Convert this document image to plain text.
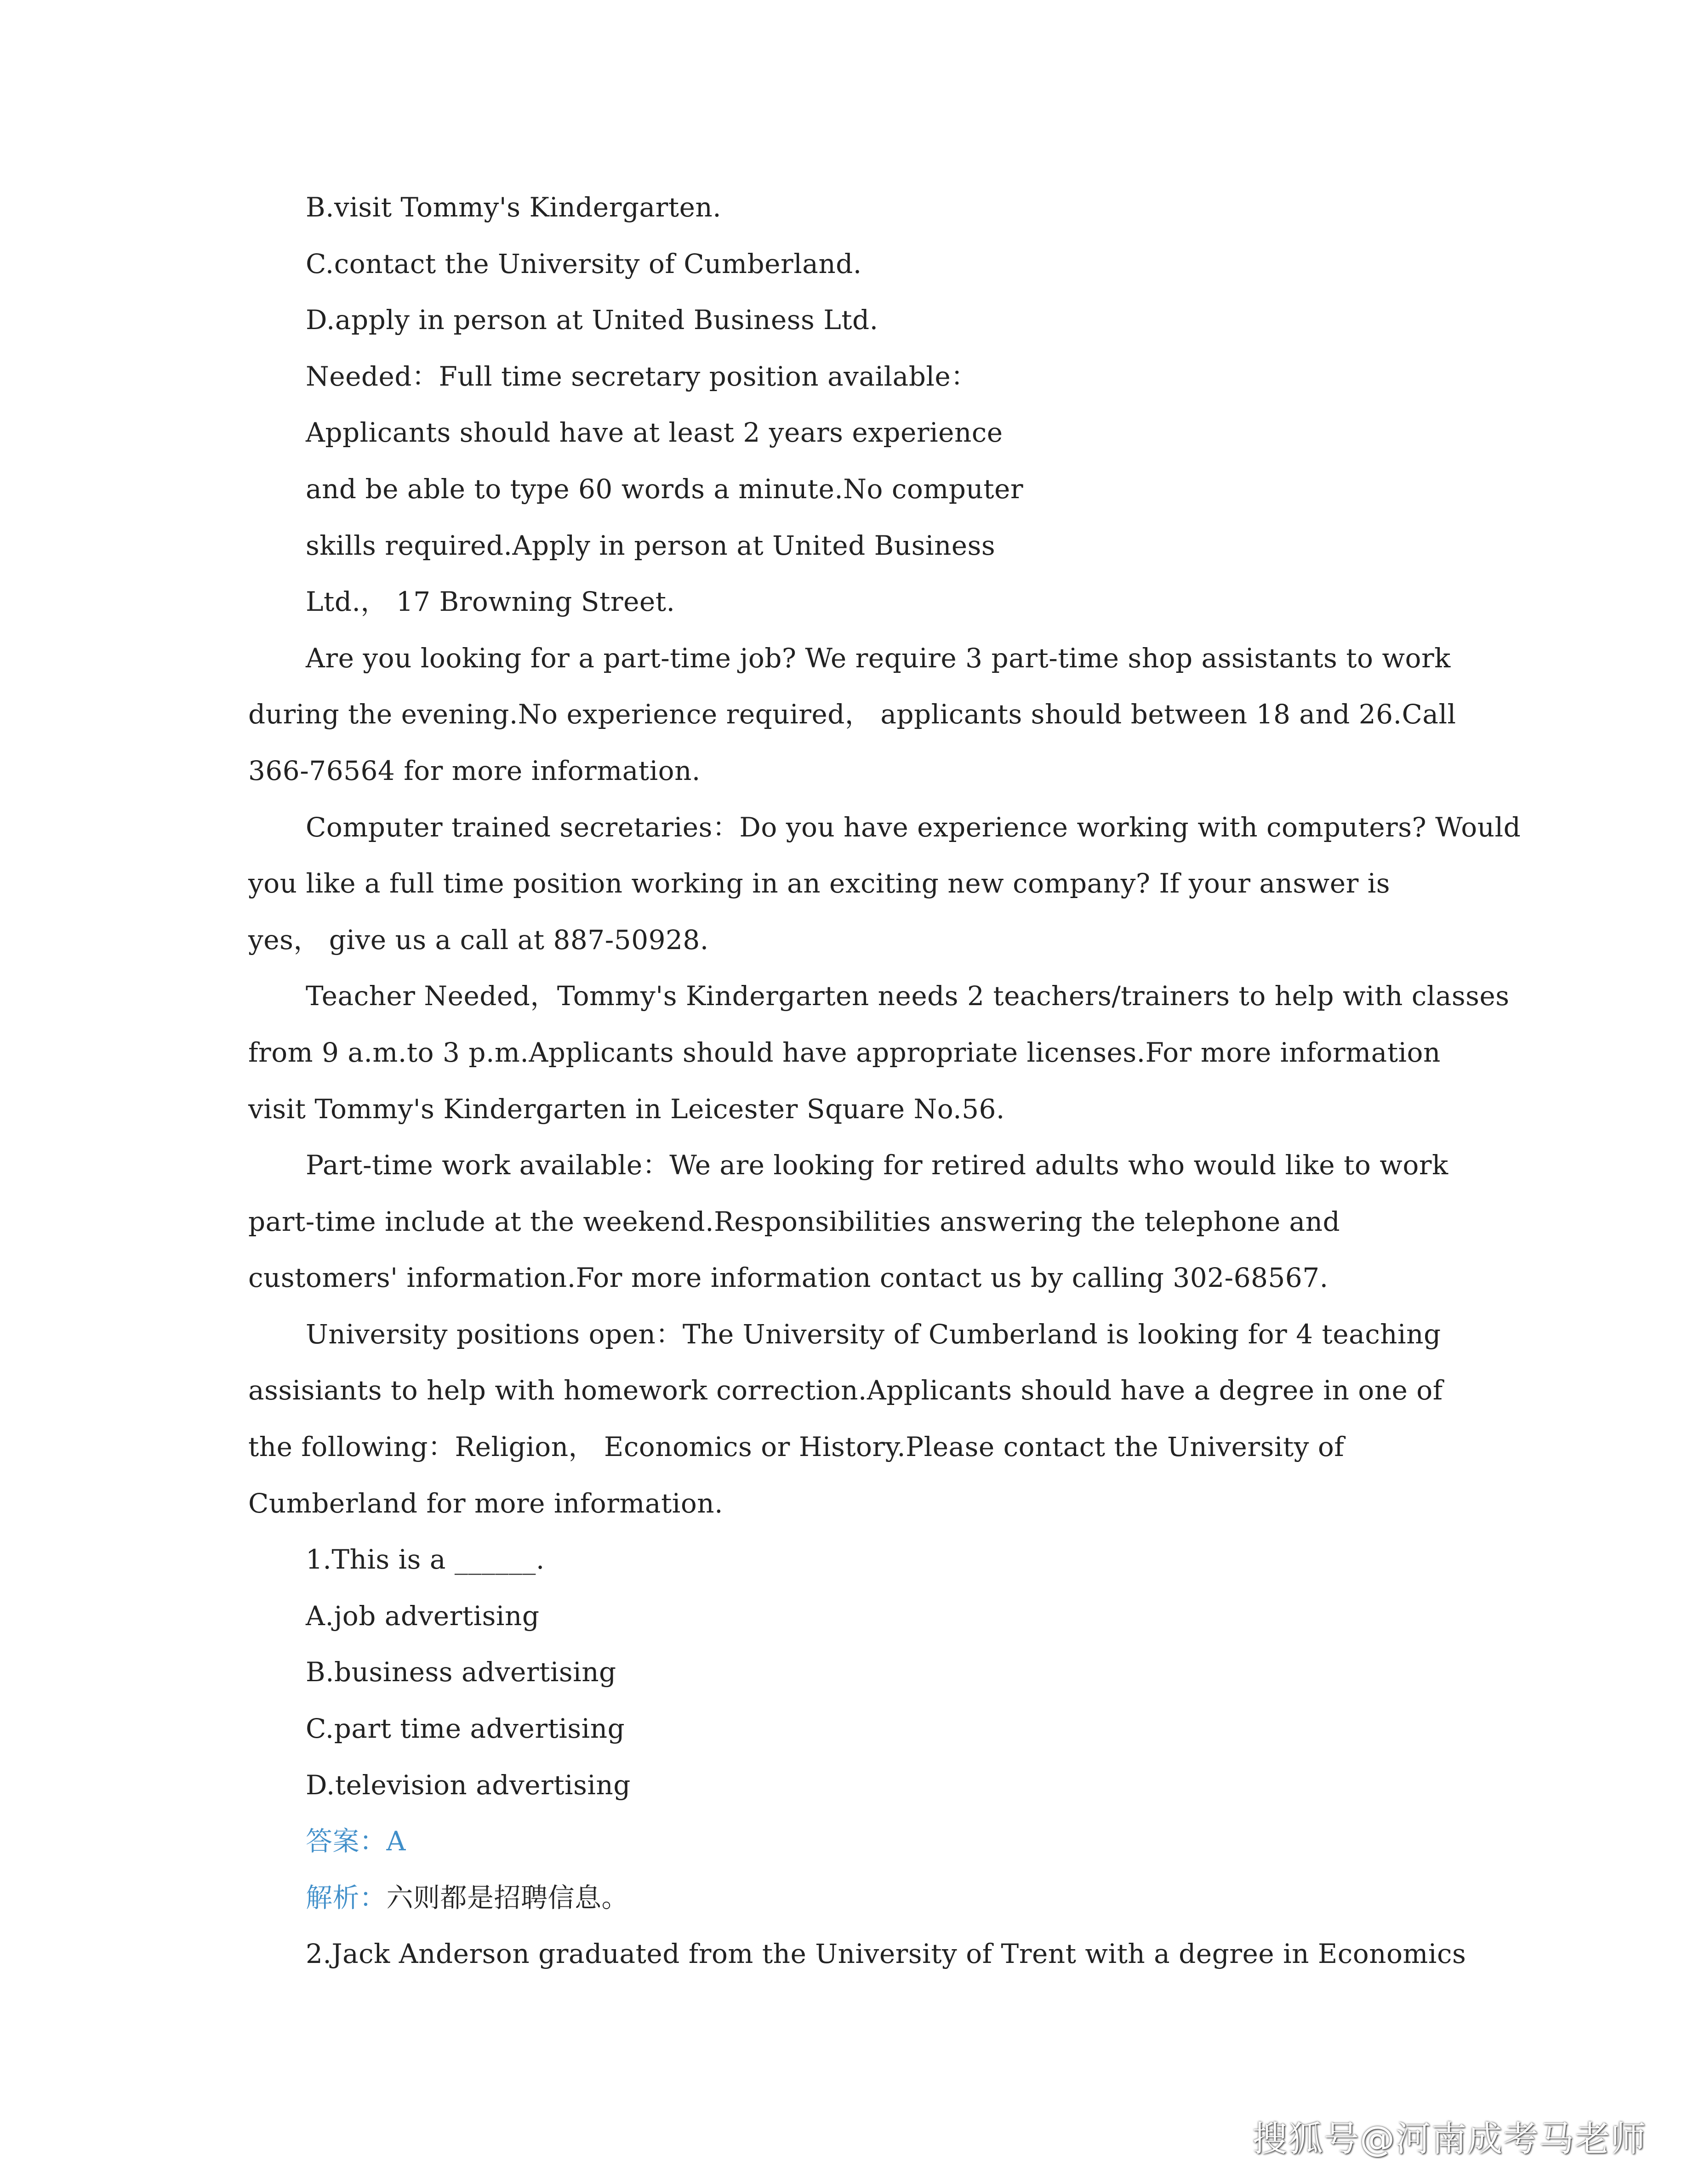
B.visit Tommy's Kindergarten.
C.contact the University of Cumberland.
D.apply in person at United Business Ltd.
Needed：Full time secretary position available：
Applicants should have at least 2 years experience
and be able to type 60 words a minute.No computer
skills required.Apply in person at United Business
Ltd.， 17 Browning Street.
Are you looking for a part-time job? We require 3 part-time shop assistants to work
during the evening.No experience required， applicants should between 18 and 26.Call
366-76564 for more information.
Computer trained secretaries：Do you have experience working with computers? Would
you like a full time position working in an exciting new company? If your answer is
yes， give us a call at 887-50928.
Teacher Needed，Tommy's Kindergarten needs 2 teachers/trainers to help with classes
from 9 a.m.to 3 p.m.Applicants should have appropriate licenses.For more information
visit Tommy's Kindergarten in Leicester Square No.56.
Part-time work available：We are looking for retired adults who would like to work
part-time include at the weekend.Responsibilities answering the telephone and
customers' information.For more information contact us by calling 302-68567.
University positions open：The University of Cumberland is looking for 4 teaching
assisiants to help with homework correction.Applicants should have a degree in one of
the following：Religion， Economics or History.Please contact the University of
Cumberland for more information.
1.This is a ______.
A.job advertising
B.business advertising
C.part time advertising
D.television advertising
答案：A
解析：六则都是招聘信息。
2.Jack Anderson graduated from the University of Trent with a degree in Economics
搜狐号@河南成考马老师
